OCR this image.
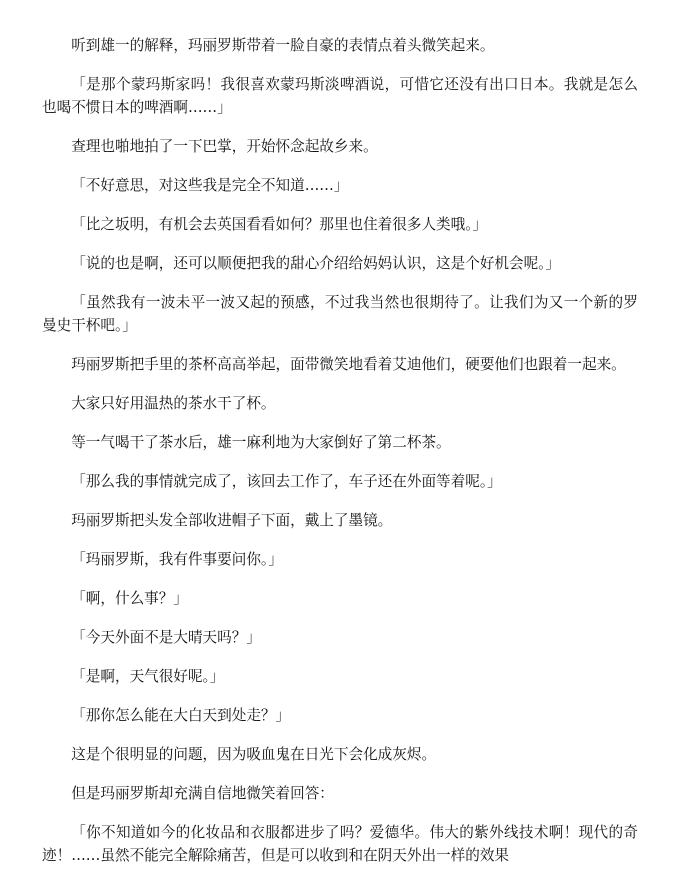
听到雄一的解释，玛丽罗斯带着一脸自豪的表情点着头微笑起来。

「是那个蒙玛斯家吗！我很喜欢蒙玛斯淡啤酒说，可惜它还没有出口日本。我就是怎么也喝不惯日本的啤酒啊……」

查理也啪地拍了一下巴掌，开始怀念起故乡来。

「不好意思，对这些我是完全不知道……」

「比之坂明，有机会去英国看看如何？那里也住着很多人类哦。」

「说的也是啊，还可以顺便把我的甜心介绍给妈妈认识，这是个好机会呢。」

「虽然我有一波未平一波又起的预感，不过我当然也很期待了。让我们为又一个新的罗曼史干杯吧。」

玛丽罗斯把手里的茶杯高高举起，面带微笑地看着艾迪他们，硬要他们也跟着一起来。

大家只好用温热的茶水干了杯。

等一气喝干了茶水后，雄一麻利地为大家倒好了第二杯茶。

「那么我的事情就完成了，该回去工作了，车子还在外面等着呢。」

玛丽罗斯把头发全部收进帽子下面，戴上了墨镜。

「玛丽罗斯，我有件事要问你。」

「啊，什么事？」

「今天外面不是大晴天吗？」

「是啊，天气很好呢。」

「那你怎么能在大白天到处走？」

这是个很明显的问题，因为吸血鬼在日光下会化成灰烬。

但是玛丽罗斯却充满自信地微笑着回答：

「你不知道如今的化妆品和衣服都进步了吗？爱德华。伟大的紫外线技术啊！现代的奇迹！……虽然不能完全解除痛苦，但是可以收到和在阴天外出一样的效果
